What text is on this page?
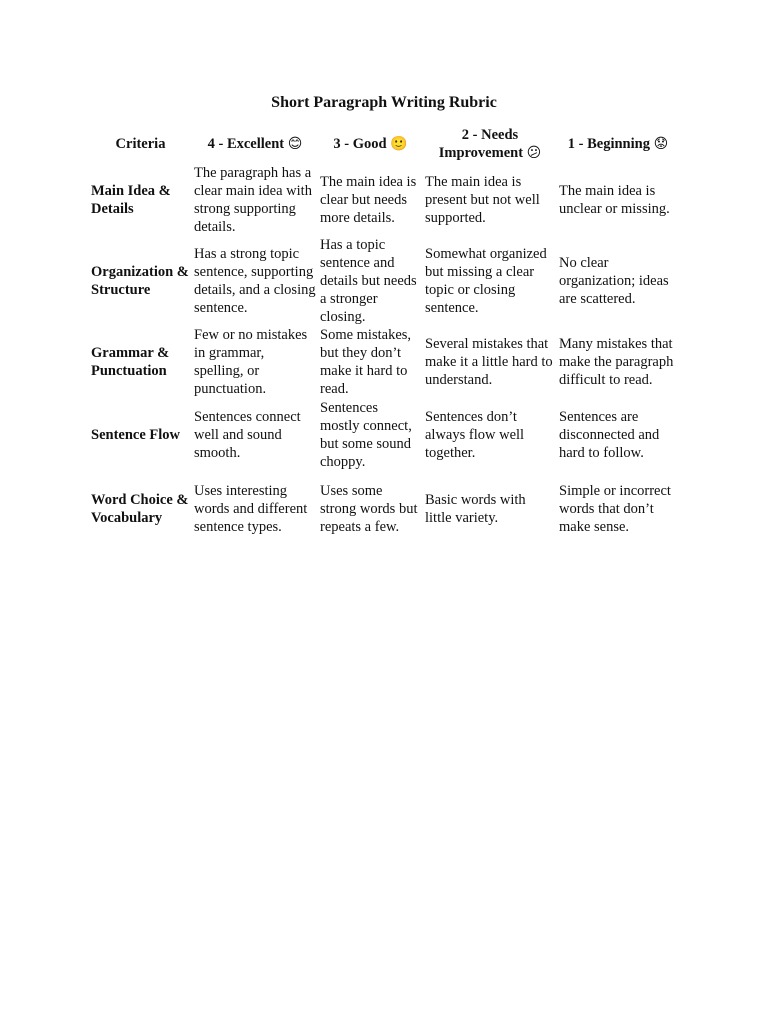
Short Paragraph Writing Rubric
Criteria	4 - Excellent 😊	3 - Good 🙂	2 - Needs Improvement 😕	1 - Beginning 😟
Main Idea & Details	The paragraph has a clear main idea with strong supporting details.	The main idea is clear but needs more details.	The main idea is present but not well supported.	The main idea is unclear or missing.
Organization & Structure	Has a strong topic sentence, supporting details, and a closing sentence.	Has a topic sentence and details but needs a stronger closing.	Somewhat organized but missing a clear topic or closing sentence.	No clear organization; ideas are scattered.
Grammar & Punctuation	Few or no mistakes in grammar, spelling, or punctuation.	Some mistakes, but they don’t make it hard to read.	Several mistakes that make it a little hard to understand.	Many mistakes that make the paragraph difficult to read.
Sentence Flow	Sentences connect well and sound smooth.	Sentences mostly connect, but some sound choppy.	Sentences don’t always flow well together.	Sentences are disconnected and hard to follow.
Word Choice & Vocabulary	Uses interesting words and different sentence types.	Uses some strong words but repeats a few.	Basic words with little variety.	Simple or incorrect words that don’t make sense.
